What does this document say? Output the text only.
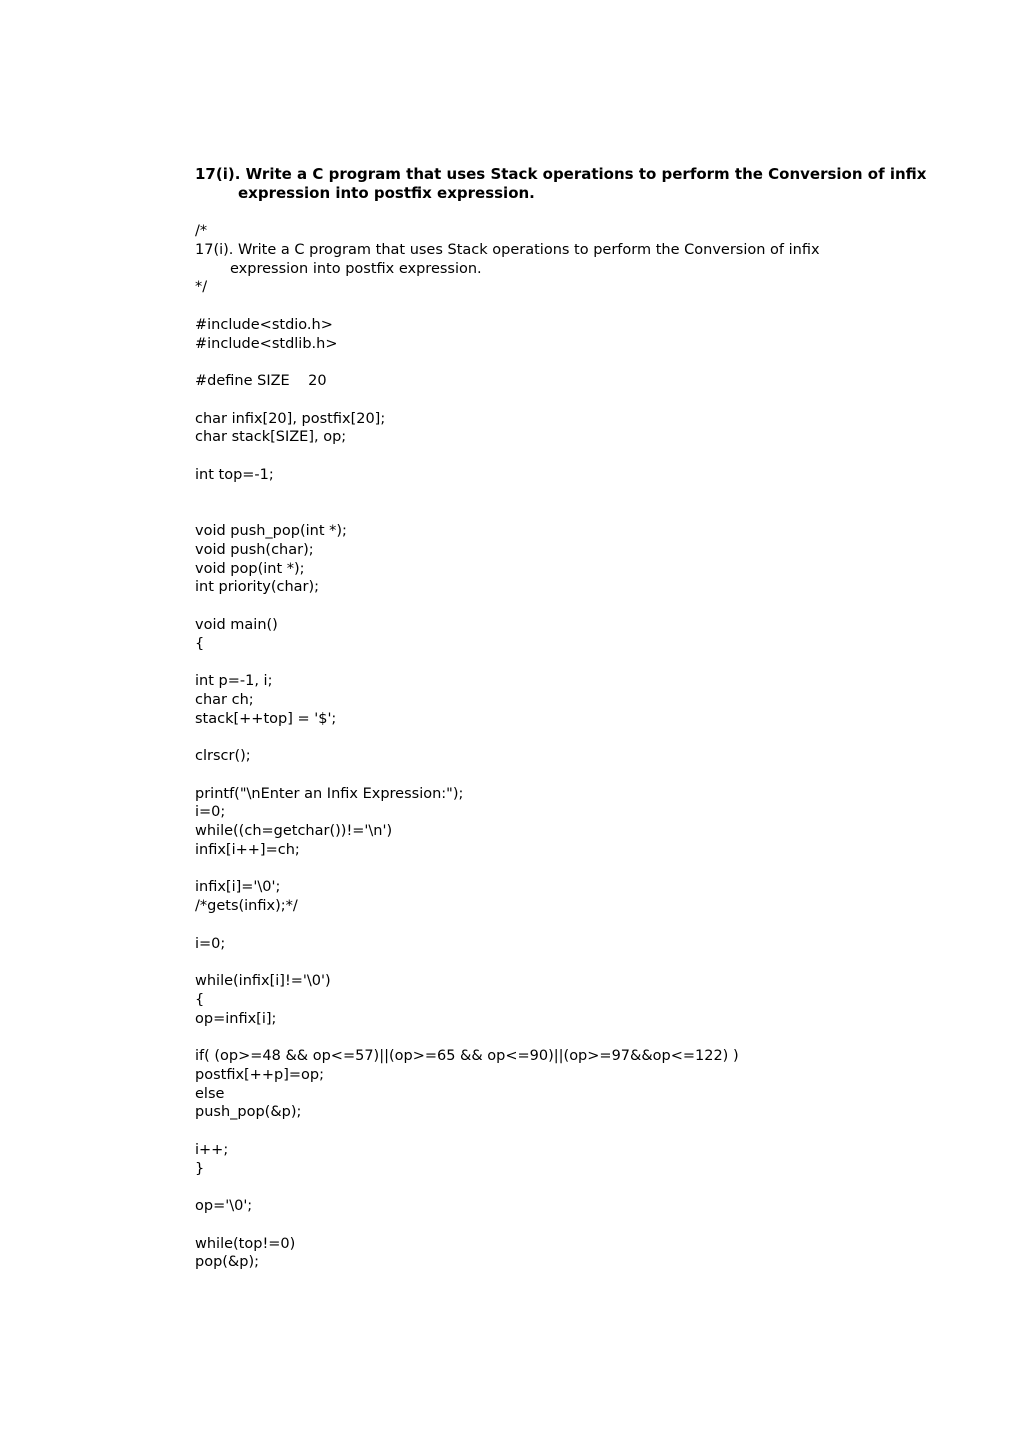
17(i). Write a C program that uses Stack operations to perform the Conversion of infix
expression into postfix expression.
/*
17(i). Write a C program that uses Stack operations to perform the Conversion of infix
expression into postfix expression.
*/
#include<stdio.h>
#include<stdlib.h>
#define SIZE    20
char infix[20], postfix[20];
char stack[SIZE], op;
int top=-1;
void push_pop(int *);
void push(char);
void pop(int *);
int priority(char);
void main()
{
int p=-1, i;
char ch;
stack[++top] = '$';
clrscr();
printf("\nEnter an Infix Expression:");
i=0;
while((ch=getchar())!='\n')
infix[i++]=ch;
infix[i]='\0';
/*gets(infix);*/
i=0;
while(infix[i]!='\0')
{
op=infix[i];
if( (op>=48 && op<=57)||(op>=65 && op<=90)||(op>=97&&op<=122) )
postfix[++p]=op;
else
push_pop(&p);
i++;
}
op='\0';
while(top!=0)
pop(&p);
